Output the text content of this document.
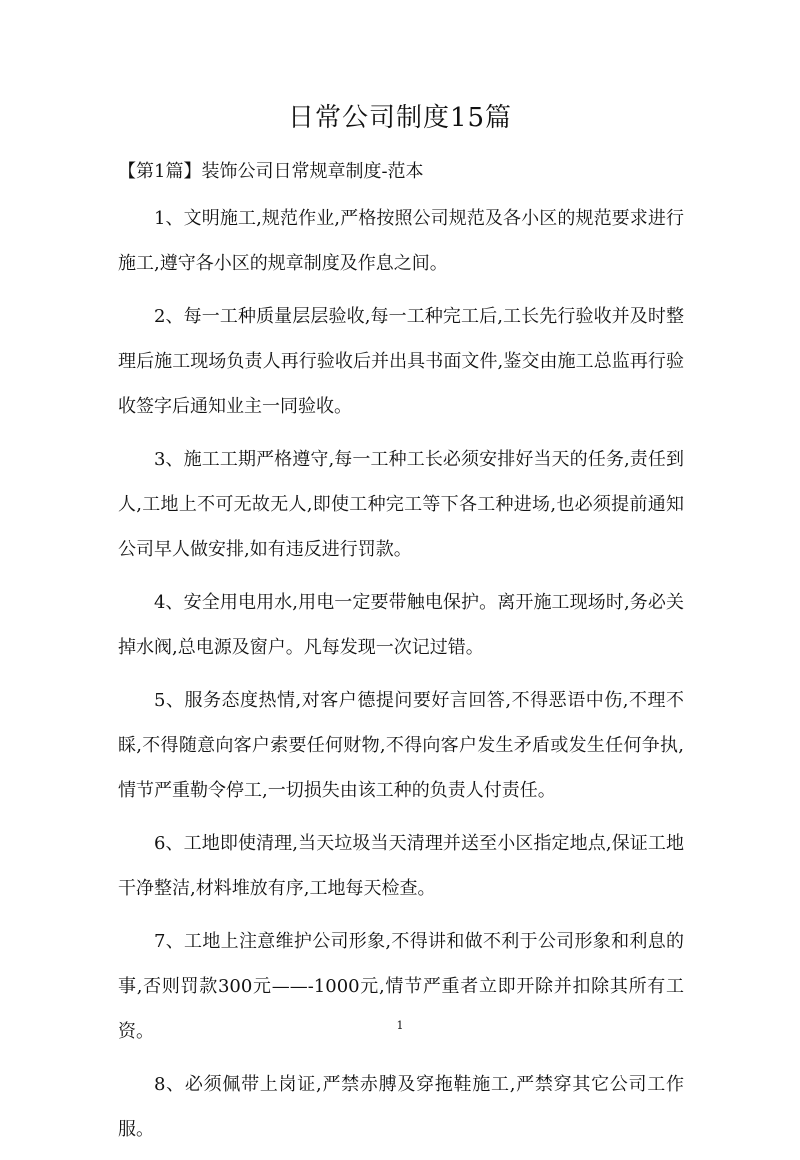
日常公司制度15篇

【第1篇】装饰公司日常规章制度-范本

1、文明施工,规范作业,严格按照公司规范及各小区的规范要求进行施工,遵守各小区的规章制度及作息之间。

2、每一工种质量层层验收,每一工种完工后,工长先行验收并及时整理后施工现场负责人再行验收后并出具书面文件,鉴交由施工总监再行验收签字后通知业主一同验收。

3、施工工期严格遵守,每一工种工长必须安排好当天的任务,责任到人,工地上不可无故无人,即使工种完工等下各工种进场,也必须提前通知公司早人做安排,如有违反进行罚款。

4、安全用电用水,用电一定要带触电保护。离开施工现场时,务必关掉水阀,总电源及窗户。凡每发现一次记过错。

5、服务态度热情,对客户德提问要好言回答,不得恶语中伤,不理不睬,不得随意向客户索要任何财物,不得向客户发生矛盾或发生任何争执,情节严重勒令停工,一切损失由该工种的负责人付责任。

6、工地即使清理,当天垃圾当天清理并送至小区指定地点,保证工地干净整洁,材料堆放有序,工地每天检查。

7、工地上注意维护公司形象,不得讲和做不利于公司形象和利息的事,否则罚款300元——-1000元,情节严重者立即开除并扣除其所有工资。

8、必须佩带上岗证,严禁赤膊及穿拖鞋施工,严禁穿其它公司工作服。

1
